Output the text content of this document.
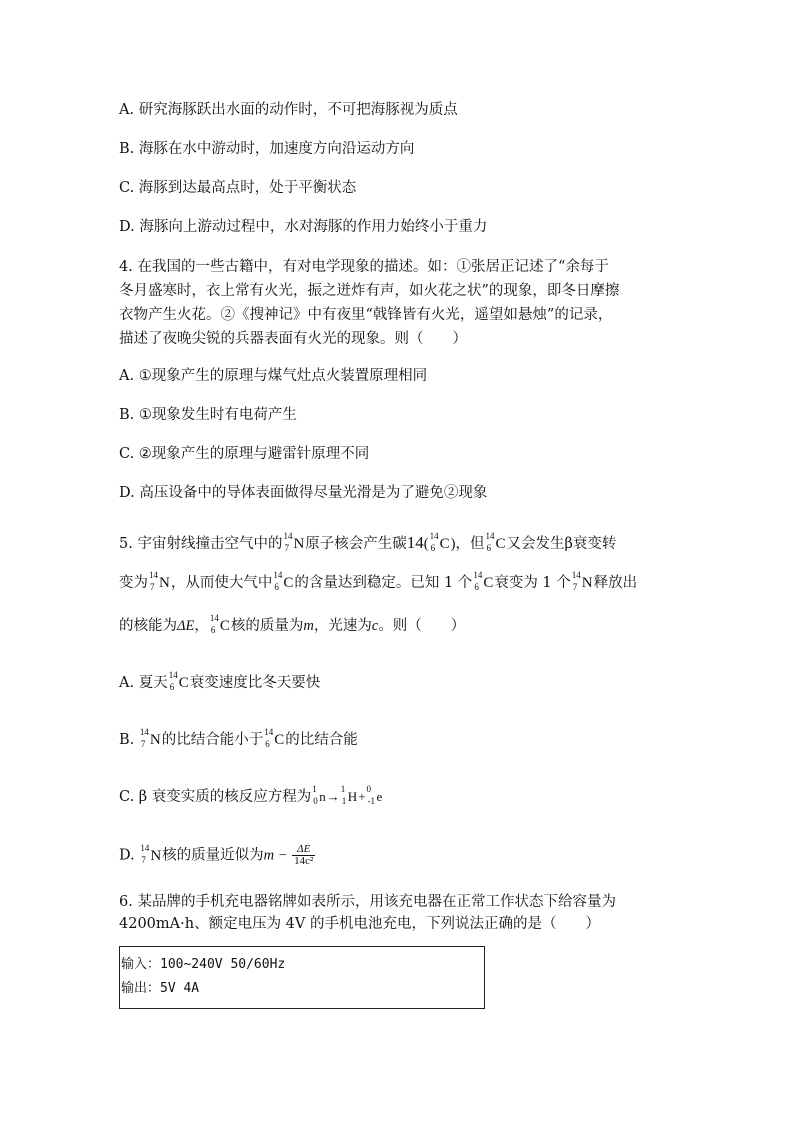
A. 研究海豚跃出水面的动作时，不可把海豚视为质点
B. 海豚在水中游动时，加速度方向沿运动方向
C. 海豚到达最高点时，处于平衡状态
D. 海豚向上游动过程中，水对海豚的作用力始终小于重力
4. 在我国的一些古籍中，有对电学现象的描述。如：①张居正记述了“余每于
冬月盛寒时，衣上常有火光，振之迸炸有声，如火花之状”的现象，即冬日摩擦
衣物产生火花。②《搜神记》中有夜里“戟锋皆有火光，遥望如悬烛”的记录，
描述了夜晚尖锐的兵器表面有火光的现象。则（　　）
A. ①现象产生的原理与煤气灶点火装置原理相同
B. ①现象发生时有电荷产生
C. ②现象产生的原理与避雷针原理不同
D. 高压设备中的导体表面做得尽量光滑是为了避免②现象
5. 宇宙射线撞击空气中的 14
7 N原子核会产生碳14( 14
6 C)，但 14
6 C又会发生β衰变转
变为 14
7 N，从而使大气中 14
6 C的含量达到稳定。已知 1 个 14
6 C衰变为 1 个 14
7 N释放出
的核能为ΔE， 14
6 C核的质量为m，光速为c。则（　　）
A. 夏天 14
6 C衰变速度比冬天要快
B. 14
7 N的比结合能小于 14
6 C的比结合能
C. β 衰变实质的核反应方程为 1
0 n→ 1
1 H+ 0
-1 e
D. 14
7 N核的质量近似为$m - \frac{\Delta E}{\text{14c²}}$
6. 某品牌的手机充电器铭牌如表所示，用该充电器在正常工作状态下给容量为
4200mA·h、额定电压为 4V 的手机电池充电，下列说法正确的是（　　）
输入：100~240V 50/60Hz
输出：5V 4A
